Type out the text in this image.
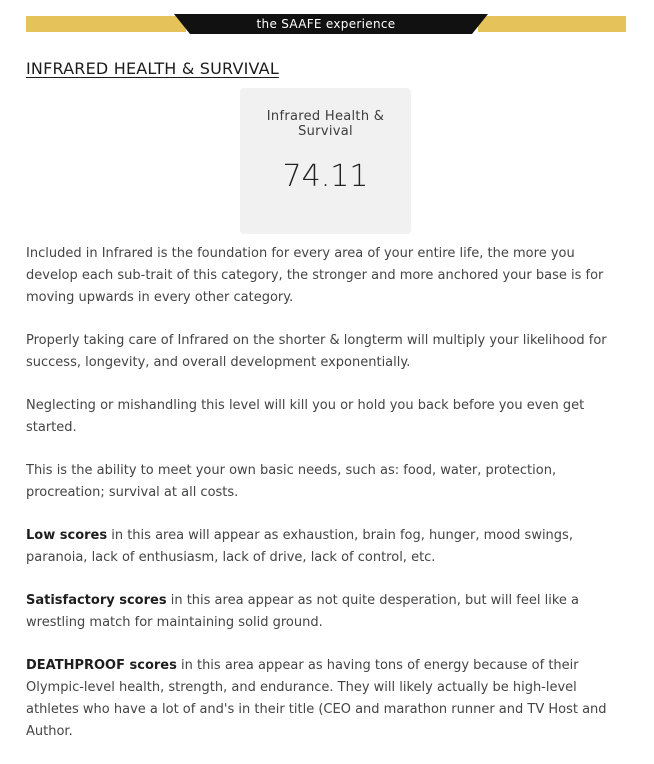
the SAAFE experience
INFRARED HEALTH & SURVIVAL
Infrared Health & Survival
74.11

Included in Infrared is the foundation for every area of your entire life, the more you develop each sub-trait of this category, the stronger and more anchored your base is for moving upwards in every other category.

Properly taking care of Infrared on the shorter & longterm will multiply your likelihood for success, longevity, and overall development exponentially.

Neglecting or mishandling this level will kill you or hold you back before you even get started.

This is the ability to meet your own basic needs, such as: food, water, protection, procreation; survival at all costs.

Low scores in this area will appear as exhaustion, brain fog, hunger, mood swings, paranoia, lack of enthusiasm, lack of drive, lack of control, etc.

Satisfactory scores in this area appear as not quite desperation, but will feel like a wrestling match for maintaining solid ground.

DEATHPROOF scores in this area appear as having tons of energy because of their Olympic-level health, strength, and endurance. They will likely actually be high-level athletes who have a lot of and's in their title (CEO and marathon runner and TV Host and Author.
